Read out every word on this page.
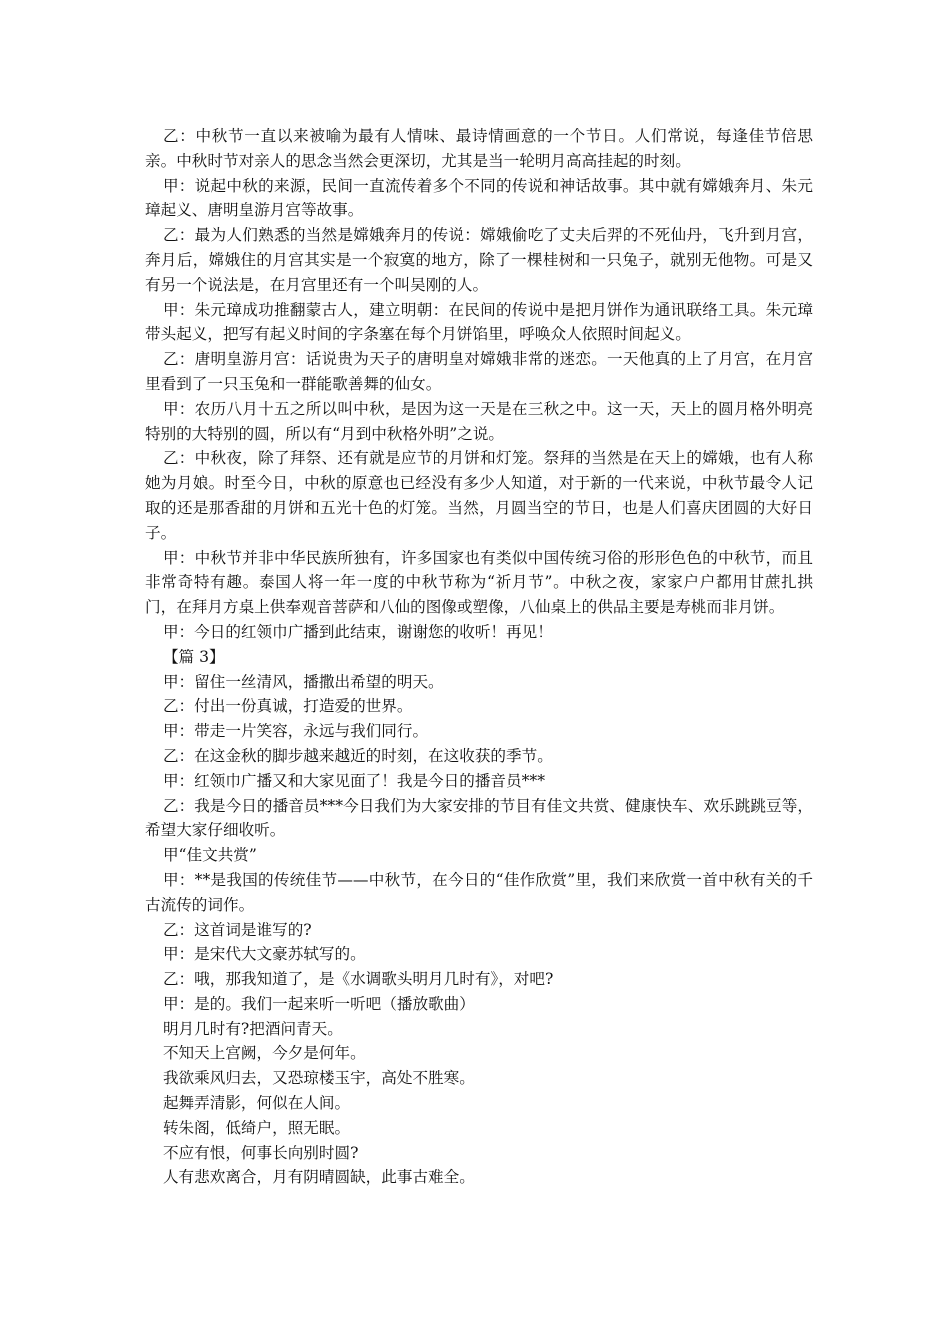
乙：中秋节一直以来被喻为最有人情味、最诗情画意的一个节日。人们常说，每逢佳节倍思亲。中秋时节对亲人的思念当然会更深切，尤其是当一轮明月高高挂起的时刻。

甲：说起中秋的来源，民间一直流传着多个不同的传说和神话故事。其中就有嫦娥奔月、朱元璋起义、唐明皇游月宫等故事。

乙：最为人们熟悉的当然是嫦娥奔月的传说：嫦娥偷吃了丈夫后羿的不死仙丹，飞升到月宫，奔月后，嫦娥住的月宫其实是一个寂寞的地方，除了一棵桂树和一只兔子，就别无他物。可是又有另一个说法是，在月宫里还有一个叫吴刚的人。

甲：朱元璋成功推翻蒙古人，建立明朝：在民间的传说中是把月饼作为通讯联络工具。朱元璋带头起义，把写有起义时间的字条塞在每个月饼馅里，呼唤众人依照时间起义。

乙：唐明皇游月宫：话说贵为天子的唐明皇对嫦娥非常的迷恋。一天他真的上了月宫，在月宫里看到了一只玉兔和一群能歌善舞的仙女。

甲：农历八月十五之所以叫中秋，是因为这一天是在三秋之中。这一天，天上的圆月格外明亮特别的大特别的圆，所以有“月到中秋格外明”之说。

乙：中秋夜，除了拜祭、还有就是应节的月饼和灯笼。祭拜的当然是在天上的嫦娥，也有人称她为月娘。时至今日，中秋的原意也已经没有多少人知道，对于新的一代来说，中秋节最令人记取的还是那香甜的月饼和五光十色的灯笼。当然，月圆当空的节日，也是人们喜庆团圆的大好日子。

甲：中秋节并非中华民族所独有，许多国家也有类似中国传统习俗的形形色色的中秋节，而且非常奇特有趣。泰国人将一年一度的中秋节称为“祈月节”。中秋之夜，家家户户都用甘蔗扎拱门，在拜月方桌上供奉观音菩萨和八仙的图像或塑像，八仙桌上的供品主要是寿桃而非月饼。

甲：今日的红领巾广播到此结束，谢谢您的收听！再见！

【篇 3】

甲：留住一丝清风，播撒出希望的明天。

乙：付出一份真诚，打造爱的世界。

甲：带走一片笑容，永远与我们同行。

乙：在这金秋的脚步越来越近的时刻，在这收获的季节。

甲：红领巾广播又和大家见面了！我是今日的播音员***

乙：我是今日的播音员***今日我们为大家安排的节目有佳文共赏、健康快车、欢乐跳跳豆等，希望大家仔细收听。

甲“佳文共赏”

甲：**是我国的传统佳节——中秋节，在今日的“佳作欣赏”里，我们来欣赏一首中秋有关的千古流传的词作。

乙：这首词是谁写的?

甲：是宋代大文豪苏轼写的。

乙：哦，那我知道了，是《水调歌头明月几时有》，对吧?

甲：是的。我们一起来听一听吧（播放歌曲）

明月几时有?把酒问青天。

不知天上宫阙，今夕是何年。

我欲乘风归去，又恐琼楼玉宇，高处不胜寒。

起舞弄清影，何似在人间。

转朱阁，低绮户，照无眠。

不应有恨，何事长向别时圆?

人有悲欢离合，月有阴晴圆缺，此事古难全。
